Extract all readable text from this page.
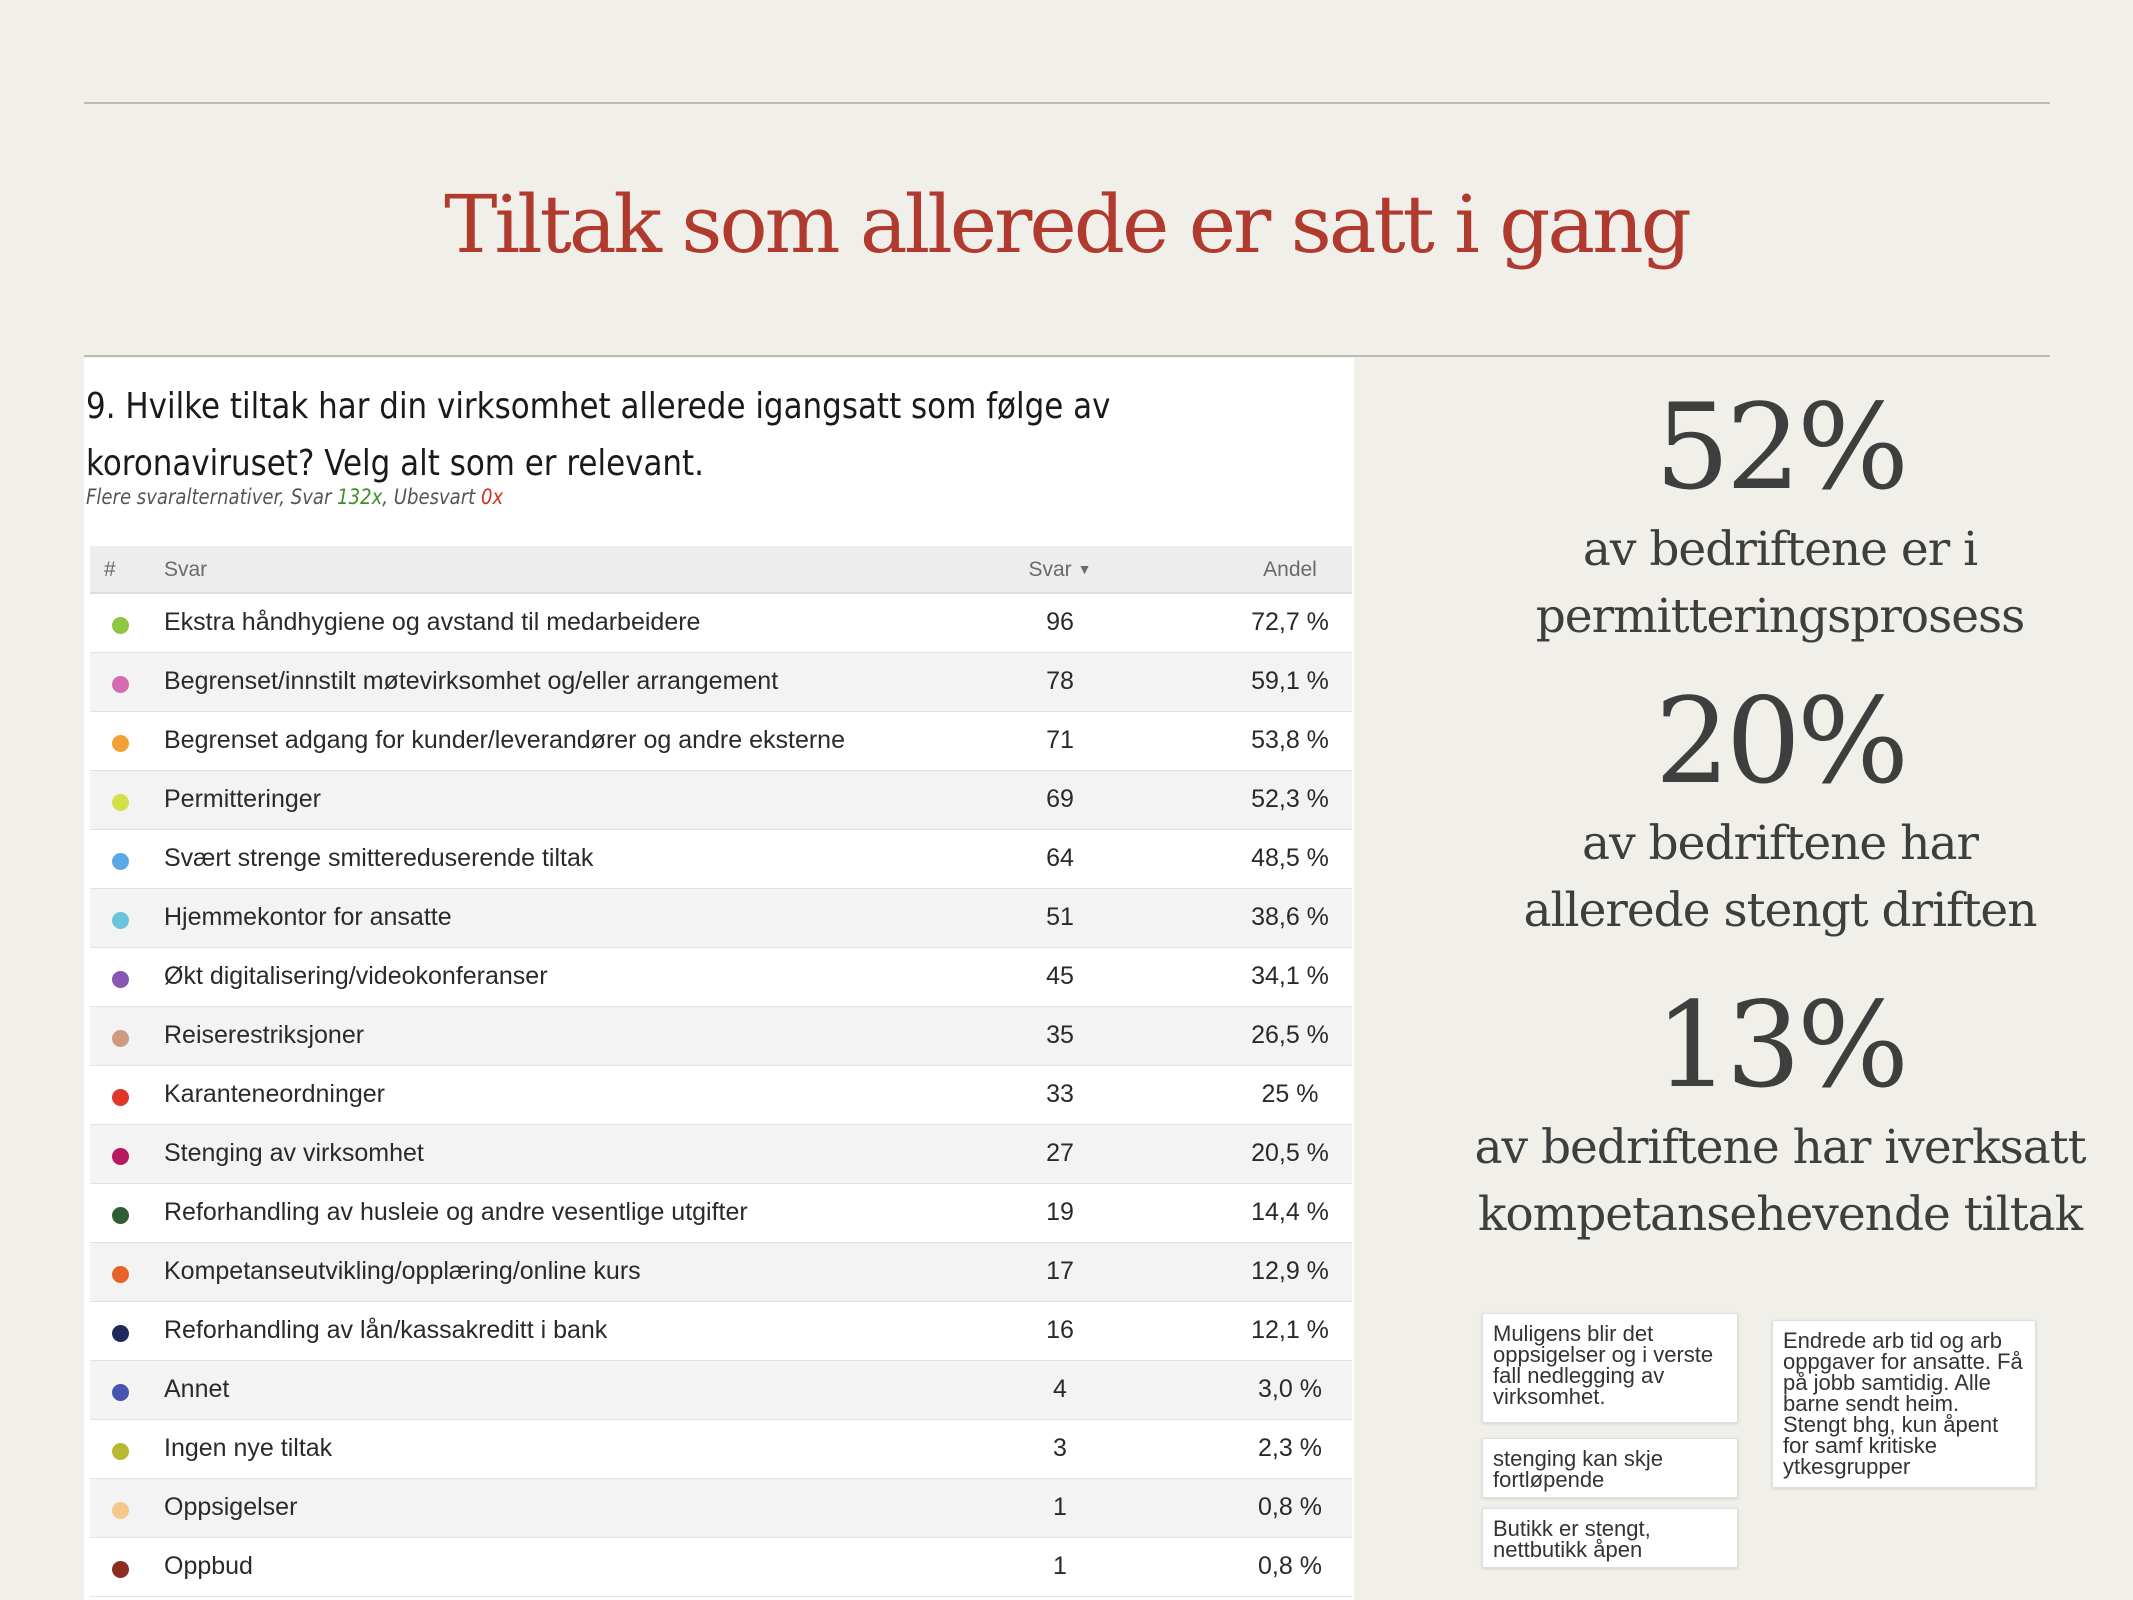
Tiltak som allerede er satt i gang
9. Hvilke tiltak har din virksomhet allerede igangsatt som følge av koronaviruset? Velg alt som er relevant.
Flere svaralternativer, Svar 132x, Ubesvart 0x
# Svar	Svar ▼	Andel
Ekstra håndhygiene og avstand til medarbeidere	96	72,7 %
Begrenset/innstilt møtevirksomhet og/eller arrangement	78	59,1 %
Begrenset adgang for kunder/leverandører og andre eksterne	71	53,8 %
Permitteringer	69	52,3 %
Svært strenge smittereduserende tiltak	64	48,5 %
Hjemmekontor for ansatte	51	38,6 %
Økt digitalisering/videokonferanser	45	34,1 %
Reiserestriksjoner	35	26,5 %
Karanteneordninger	33	25 %
Stenging av virksomhet	27	20,5 %
Reforhandling av husleie og andre vesentlige utgifter	19	14,4 %
Kompetanseutvikling/opplæring/online kurs	17	12,9 %
Reforhandling av lån/kassakreditt i bank	16	12,1 %
Annet	4	3,0 %
Ingen nye tiltak	3	2,3 %
Oppsigelser	1	0,8 %
Oppbud	1	0,8 %
52%
av bedriftene er i
permitteringsprosess
20%
av bedriftene har
allerede stengt driften
13%
av bedriftene har iverksatt
kompetansehevende tiltak
Muligens blir det oppsigelser og i verste fall nedlegging av virksomhet.
stenging kan skje fortløpende
Butikk er stengt, nettbutikk åpen
Endrede arb tid og arb oppgaver for ansatte. Få på jobb samtidig. Alle barne sendt heim. Stengt bhg, kun åpent for samf kritiske ytkesgrupper
